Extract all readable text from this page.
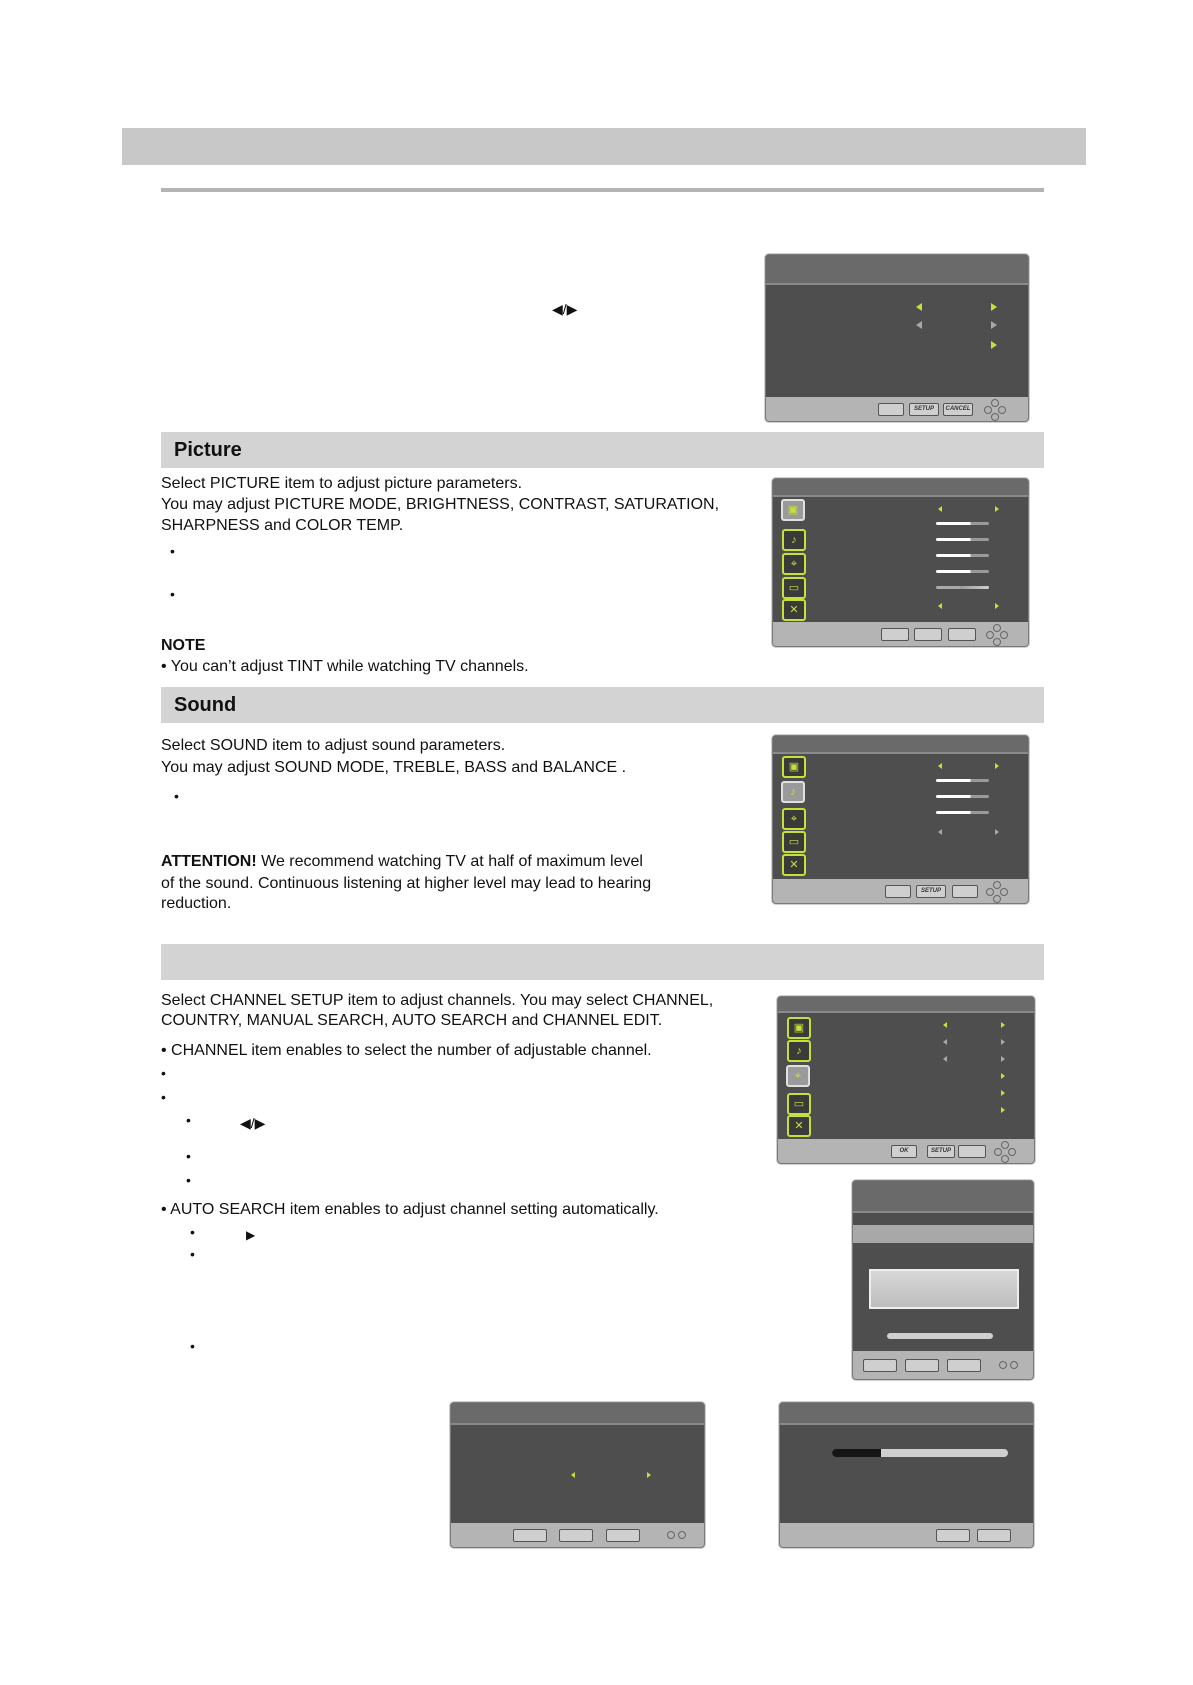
◀/▶
SETUP	CANCEL
Picture
Select PICTURE item to adjust picture parameters.
You may adjust PICTURE MODE, BRIGHTNESS, CONTRAST, SATURATION,
SHARPNESS and COLOR TEMP.
•
•
NOTE
• You can’t adjust TINT while watching TV channels.
▣
♪
⌖
▭
✕
Sound
Select SOUND item to adjust sound parameters.
You may adjust SOUND MODE, TREBLE, BASS and BALANCE .
•
ATTENTION! We recommend watching TV at half of maximum level
of the sound. Continuous listening at higher level may lead to hearing
reduction.
▣
♪
⌖
▭
✕
SETUP
Select CHANNEL SETUP item to adjust channels. You may select CHANNEL,
COUNTRY, MANUAL SEARCH, AUTO SEARCH and CHANNEL EDIT.
• CHANNEL item enables to select the number of adjustable channel.
•
•
•	◀/▶
•
•
• AUTO SEARCH item enables to adjust channel setting automatically.
•	▶
•
•
▣
♪
⌖
▭
✕
OK	SETUP
